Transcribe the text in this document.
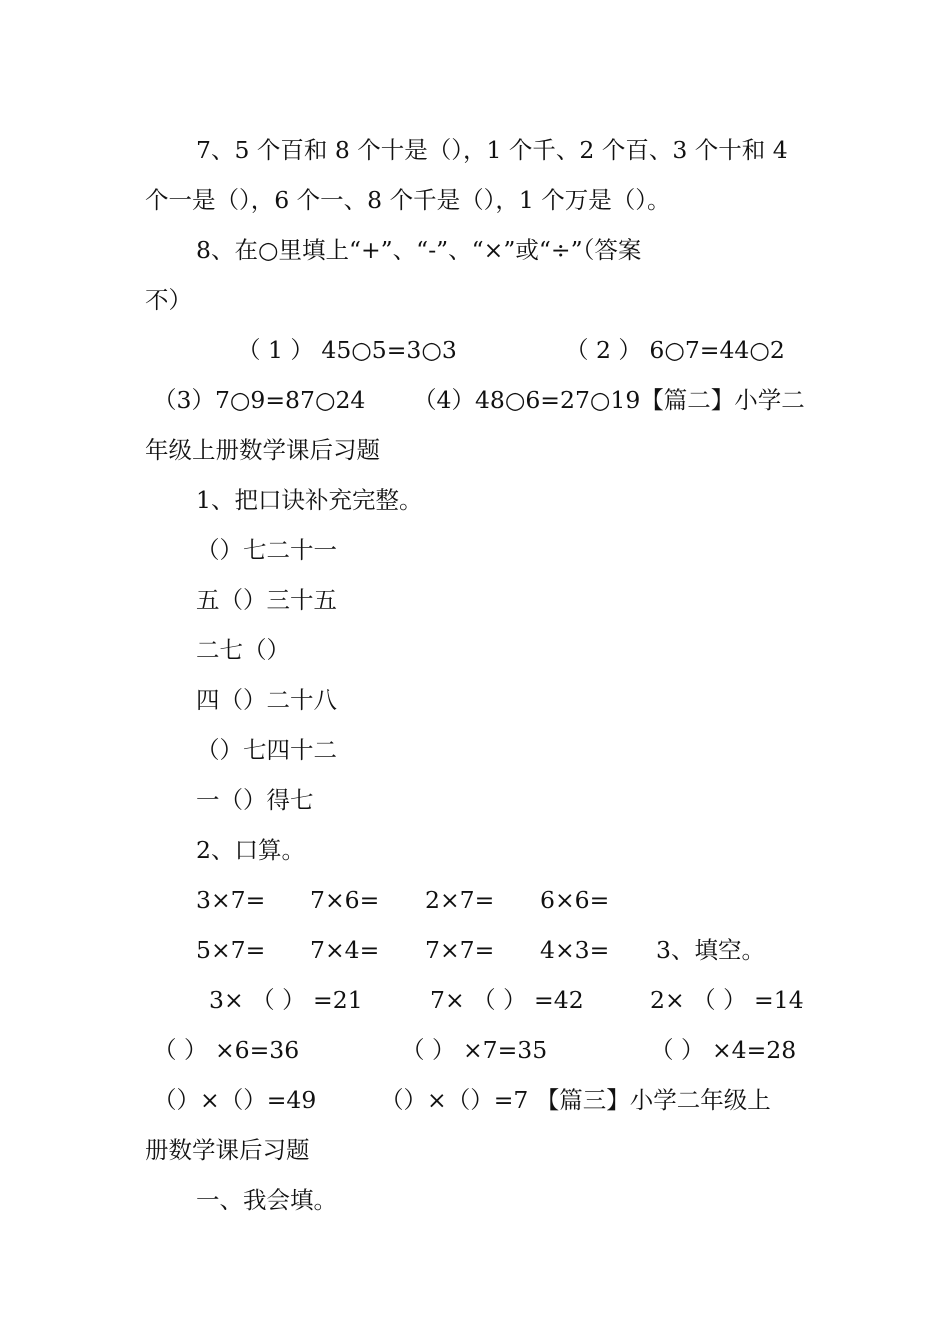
7、5 个百和 8 个十是（），1 个千、2 个百、3 个十和 4
个一是（），6 个一、8 个千是（），1 个万是（）。
8、在○里填上“+”、“-”、“×”或“÷”（答案
不）
（ 1 ） 45○5=3○3	（ 2 ） 6○7=44○2
（3）7○9=87○24 （4）48○6=27○19【篇二】小学二
年级上册数学课后习题
1、把口诀补充完整。
（）七二十一
五（）三十五
二七（）
四（）二十八
（）七四十二
一（）得七
2、口算。
3×7= 7×6= 2×7= 6×6=
5×7= 7×4= 7×7= 4×3= 3、填空。
3× （ ） =21	7× （ ） =42	2× （ ） =14
（ ） ×6=36	（ ） ×7=35	（ ） ×4=28
（）×（）=49	（）×（）=7 【篇三】小学二年级上
册数学课后习题
一、我会填。
